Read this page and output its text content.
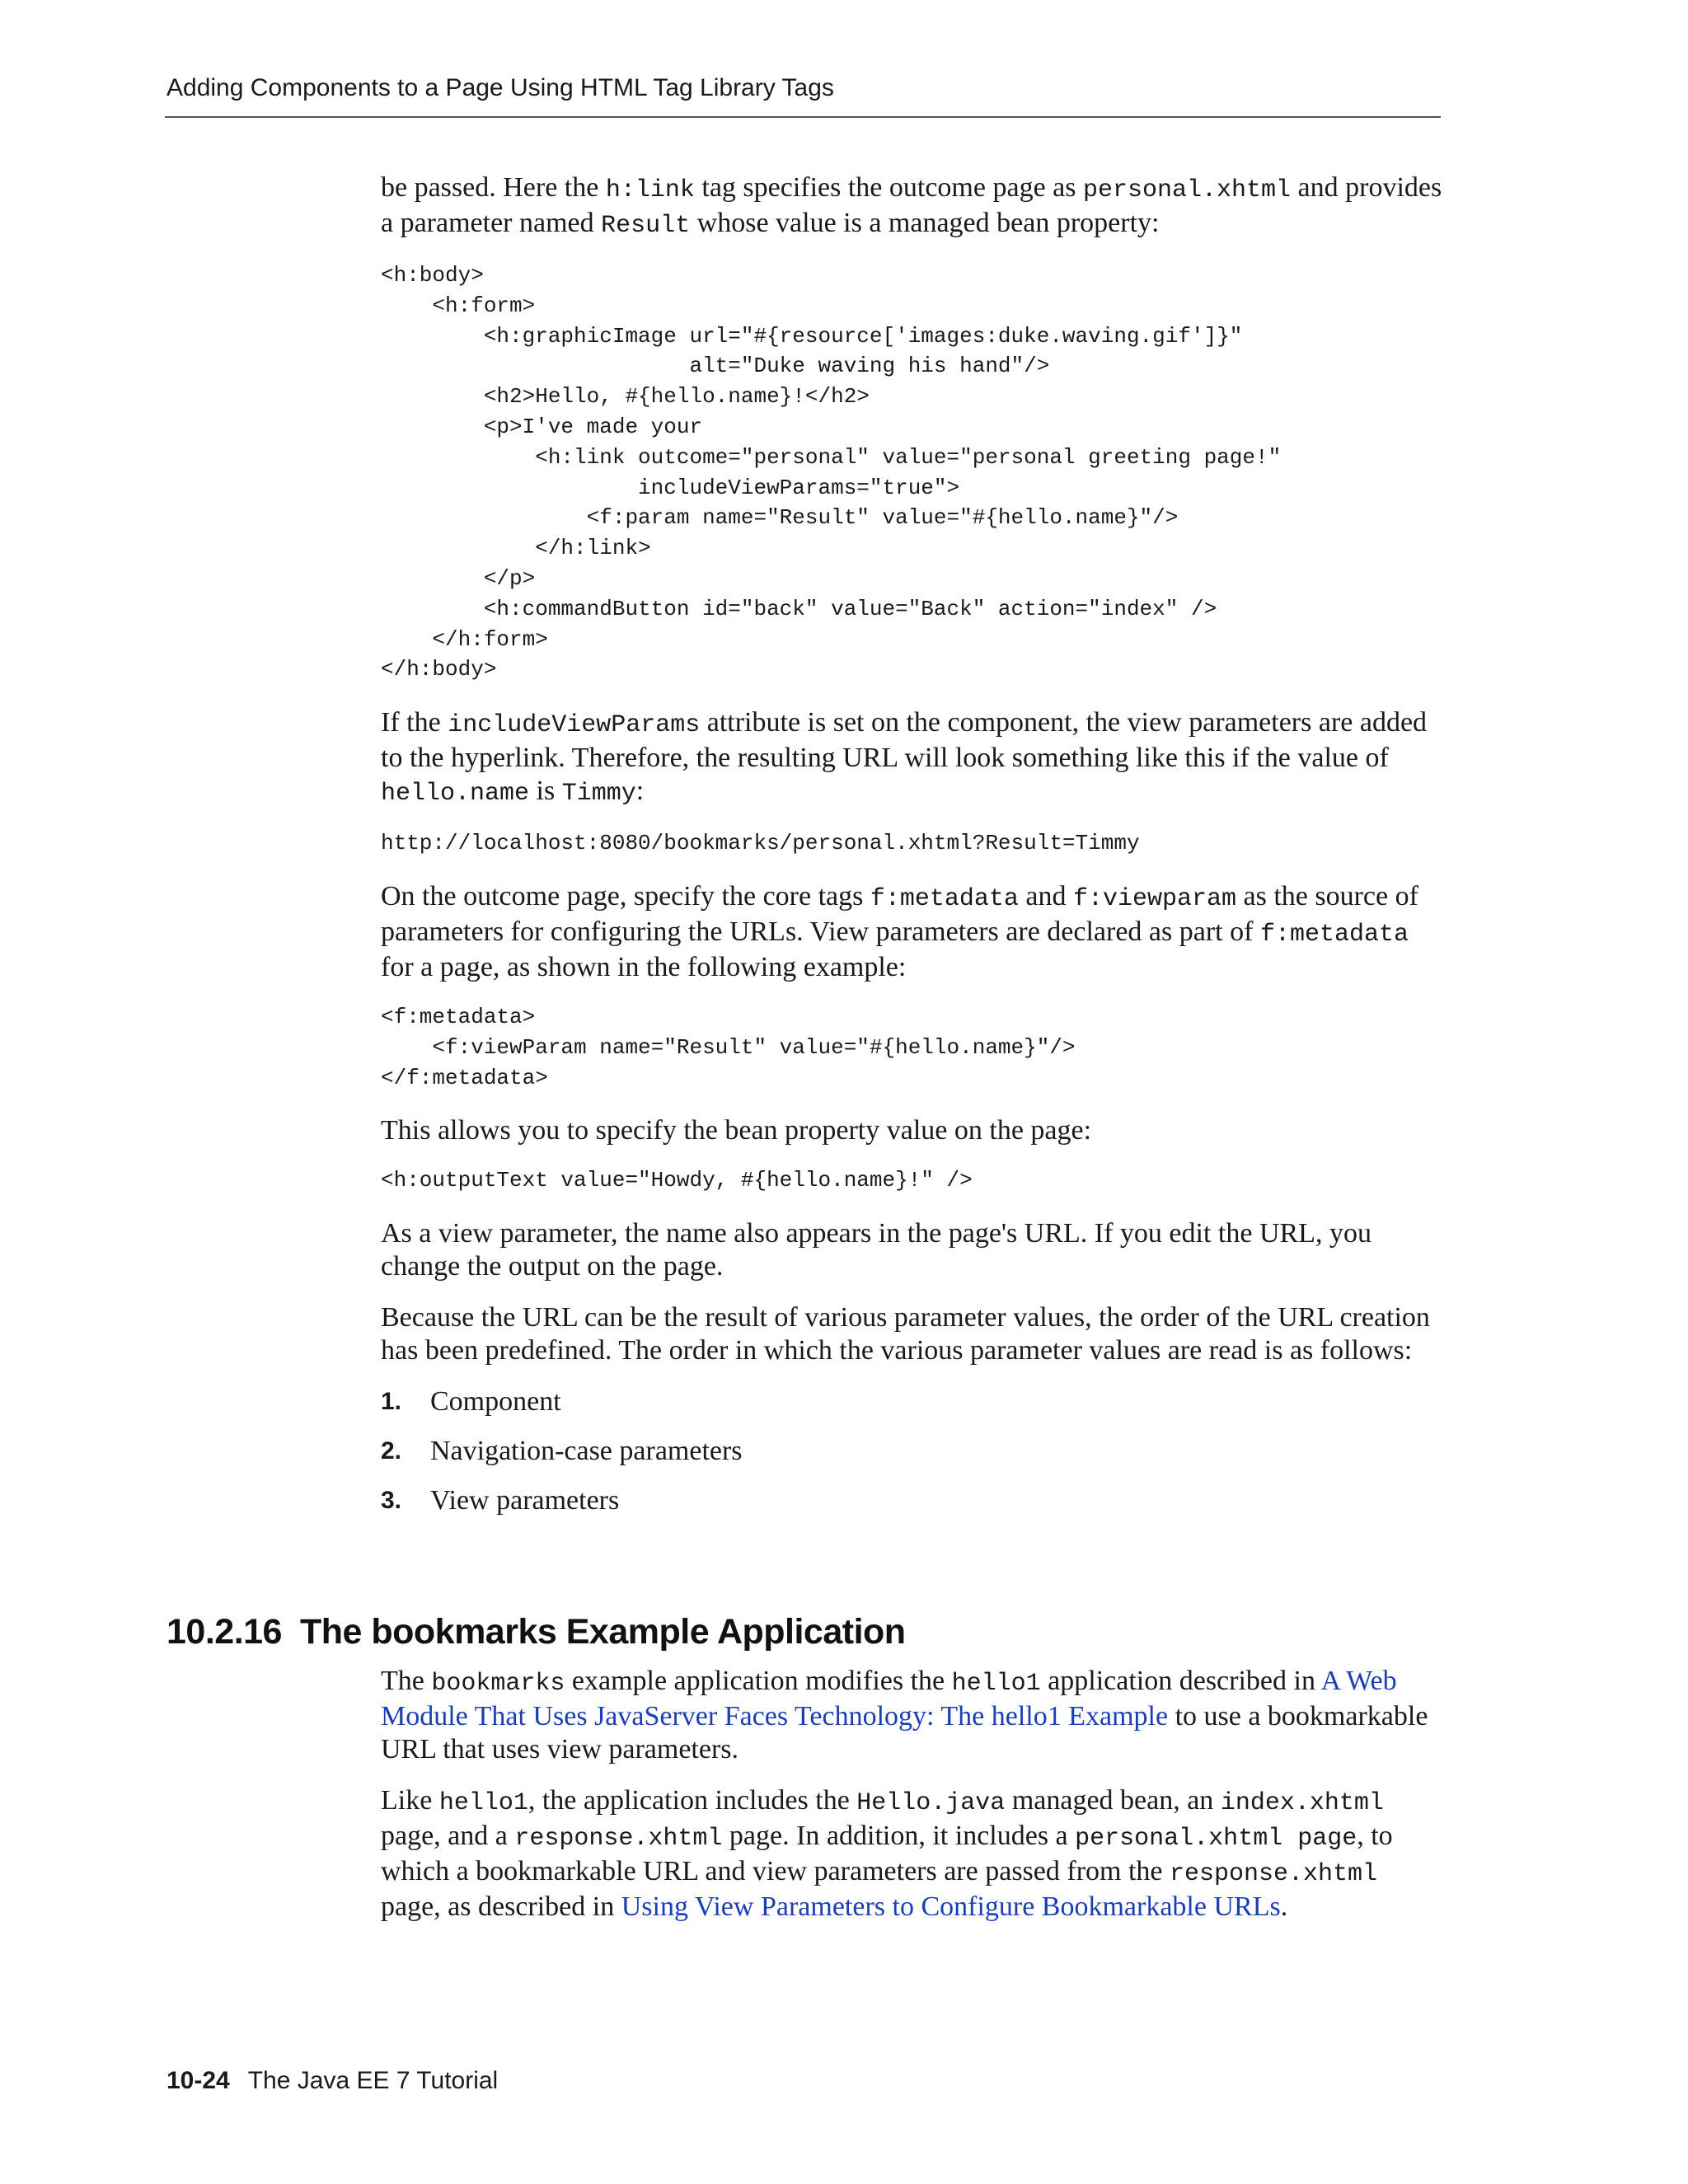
Adding Components to a Page Using HTML Tag Library Tags

be passed. Here the h:link tag specifies the outcome page as personal.xhtml and provides a parameter named Result whose value is a managed bean property:

<h:body>
<h:form>
<h:graphicImage url="#{resource['images:duke.waving.gif']}"
alt="Duke waving his hand"/>
<h2>Hello, #{hello.name}!</h2>
<p>I've made your
<h:link outcome="personal" value="personal greeting page!"
includeViewParams="true">
<f:param name="Result" value="#{hello.name}"/>
</h:link>
</p>
<h:commandButton id="back" value="Back" action="index" />
</h:form>
</h:body>

If the includeViewParams attribute is set on the component, the view parameters are added to the hyperlink. Therefore, the resulting URL will look something like this if the value of hello.name is Timmy:

http://localhost:8080/bookmarks/personal.xhtml?Result=Timmy

On the outcome page, specify the core tags f:metadata and f:viewparam as the source of parameters for configuring the URLs. View parameters are declared as part of f:metadata for a page, as shown in the following example:

<f:metadata>
<f:viewParam name="Result" value="#{hello.name}"/>
</f:metadata>

This allows you to specify the bean property value on the page:

<h:outputText value="Howdy, #{hello.name}!" />

As a view parameter, the name also appears in the page's URL. If you edit the URL, you change the output on the page.

Because the URL can be the result of various parameter values, the order of the URL creation has been predefined. The order in which the various parameter values are read is as follows:

1. Component
2. Navigation-case parameters
3. View parameters
10.2.16 The bookmarks Example Application

The bookmarks example application modifies the hello1 application described in A Web Module That Uses JavaServer Faces Technology: The hello1 Example to use a bookmarkable URL that uses view parameters.

Like hello1, the application includes the Hello.java managed bean, an index.xhtml page, and a response.xhtml page. In addition, it includes a personal.xhtml page, to which a bookmarkable URL and view parameters are passed from the response.xhtml page, as described in Using View Parameters to Configure Bookmarkable URLs.

10-24 The Java EE 7 Tutorial
